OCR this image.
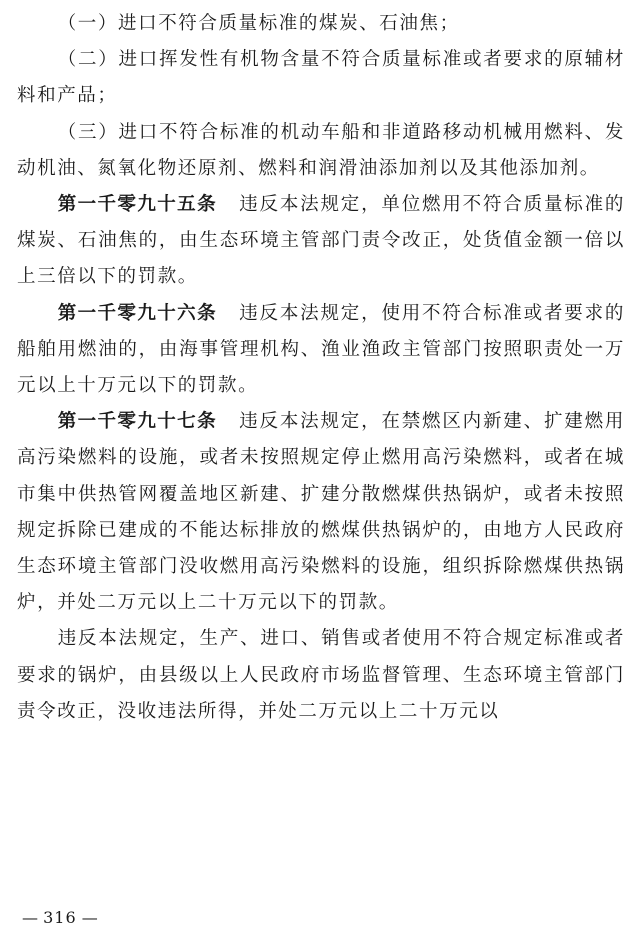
（一）进口不符合质量标准的煤炭、石油焦；

（二）进口挥发性有机物含量不符合质量标准或者要求的原辅材料和产品；

（三）进口不符合标准的机动车船和非道路移动机械用燃料、发动机油、氮氧化物还原剂、燃料和润滑油添加剂以及其他添加剂。

第一千零九十五条 违反本法规定，单位燃用不符合质量标准的煤炭、石油焦的，由生态环境主管部门责令改正，处货值金额一倍以上三倍以下的罚款。

第一千零九十六条 违反本法规定，使用不符合标准或者要求的船舶用燃油的，由海事管理机构、渔业渔政主管部门按照职责处一万元以上十万元以下的罚款。

第一千零九十七条 违反本法规定，在禁燃区内新建、扩建燃用高污染燃料的设施，或者未按照规定停止燃用高污染燃料，或者在城市集中供热管网覆盖地区新建、扩建分散燃煤供热锅炉，或者未按照规定拆除已建成的不能达标排放的燃煤供热锅炉的，由地方人民政府生态环境主管部门没收燃用高污染燃料的设施，组织拆除燃煤供热锅炉，并处二万元以上二十万元以下的罚款。

违反本法规定，生产、进口、销售或者使用不符合规定标准或者要求的锅炉，由县级以上人民政府市场监督管理、生态环境主管部门责令改正，没收违法所得，并处二万元以上二十万元以

— 316 —
